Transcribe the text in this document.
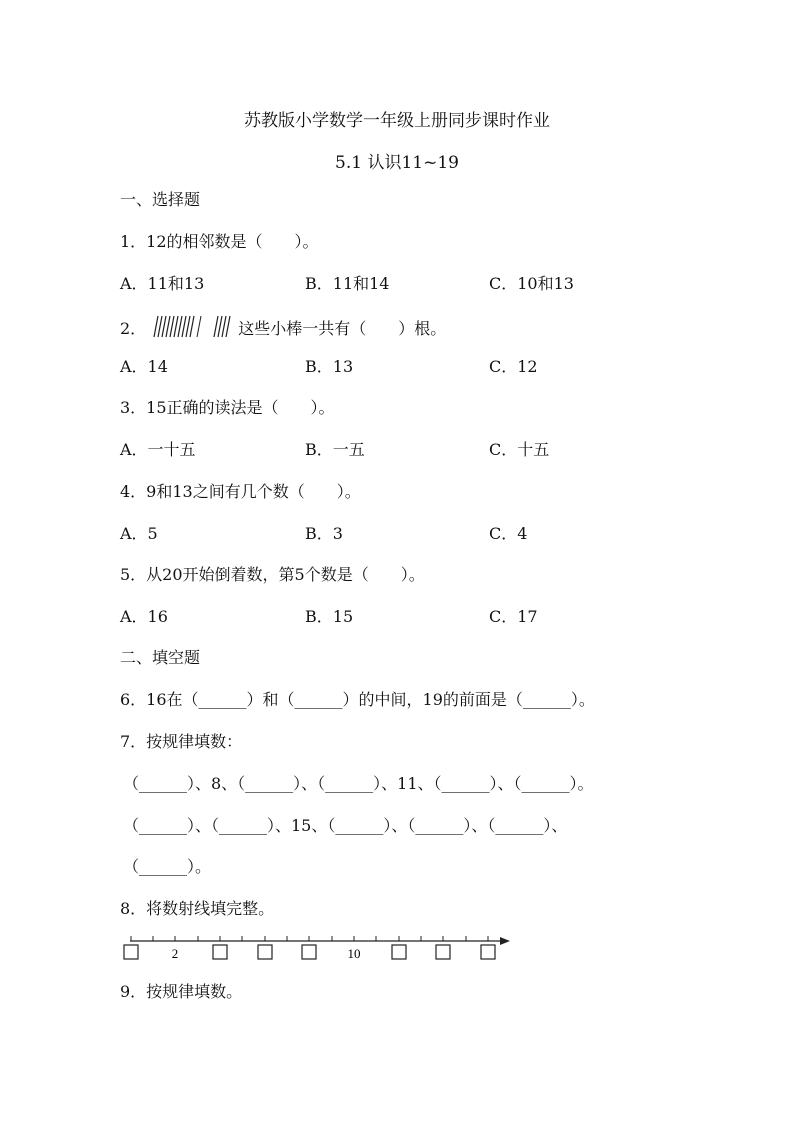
苏教版小学数学一年级上册同步课时作业
5.1 认识11~19
一、选择题
1．12的相邻数是（　　）。
A．11和13	B．11和14	C．10和13
2．	这些小棒一共有（　　）根。
A．14	B．13	C．12
3．15正确的读法是（　　）。
A．一十五	B．一五	C．十五
4．9和13之间有几个数（　　）。
A．5	B．3	C．4
5．从20开始倒着数，第5个数是（　　）。
A．16	B．15	C．17
二、填空题
6．16在（______）和（______）的中间，19的前面是（______）。
7．按规律填数：
（______）、8、（______）、（______）、11、（______）、（______）。
（______）、（______）、15、（______）、（______）、（______）、
（______）。
8．将数射线填完整。
2	10
9．按规律填数。
